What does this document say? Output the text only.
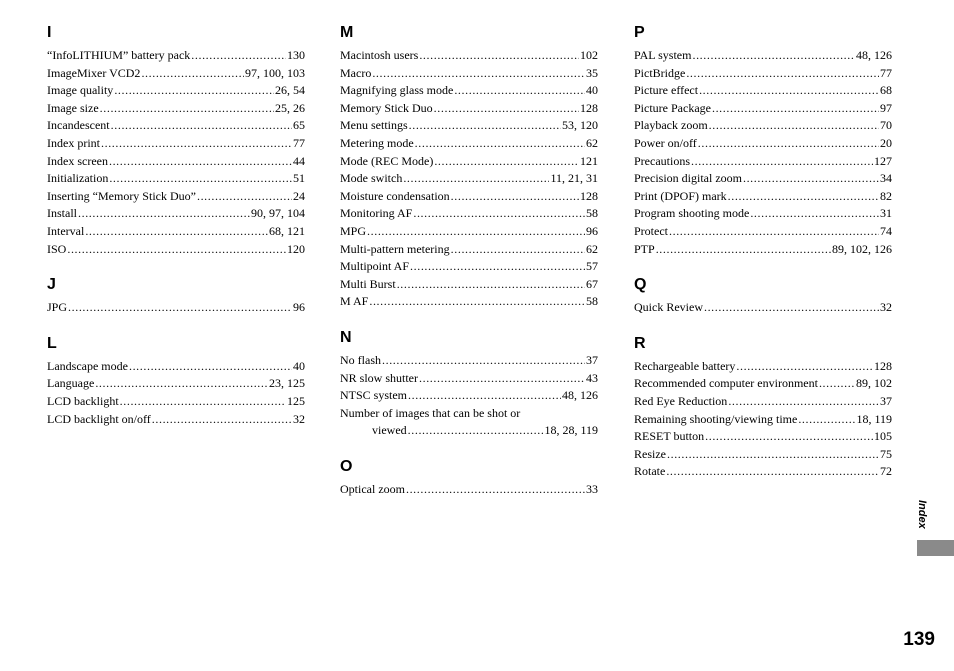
I
“InfoLITHIUM” battery pack .....	130
ImageMixer VCD2 .....	97, 100, 103
Image quality .....	26, 54
Image size .....	25, 26
Incandescent .....	65
Index print .....	77
Index screen .....	44
Initialization .....	51
Inserting “Memory Stick Duo” .....	24
Install .....	90, 97, 104
Interval .....	68, 121
ISO .....	120
J
JPG .....	96
L
Landscape mode .....	40
Language .....	23, 125
LCD backlight .....	125
LCD backlight on/off .....	32
M
Macintosh users .....	102
Macro .....	35
Magnifying glass mode .....	40
Memory Stick Duo .....	128
Menu settings .....	53, 120
Metering mode .....	62
Mode (REC Mode) .....	121
Mode switch .....	11, 21, 31
Moisture condensation .....	128
Monitoring AF .....	58
MPG .....	96
Multi-pattern metering .....	62
Multipoint AF .....	57
Multi Burst .....	67
M AF .....	58
N
No flash .....	37
NR slow shutter .....	43
NTSC system .....	48, 126
Number of images that can be shot or
viewed .....	18, 28, 119
O
Optical zoom .....	33
P
PAL system .....	48, 126
PictBridge .....	77
Picture effect .....	68
Picture Package .....	97
Playback zoom .....	70
Power on/off .....	20
Precautions .....	127
Precision digital zoom .....	34
Print (DPOF) mark .....	82
Program shooting mode .....	31
Protect .....	74
PTP .....	89, 102, 126
Q
Quick Review .....	32
R
Rechargeable battery .....	128
Recommended computer environment .....	89, 102
Red Eye Reduction .....	37
Remaining shooting/viewing time .....	18, 119
RESET button .....	105
Resize .....	75
Rotate .....	72
Index
139
